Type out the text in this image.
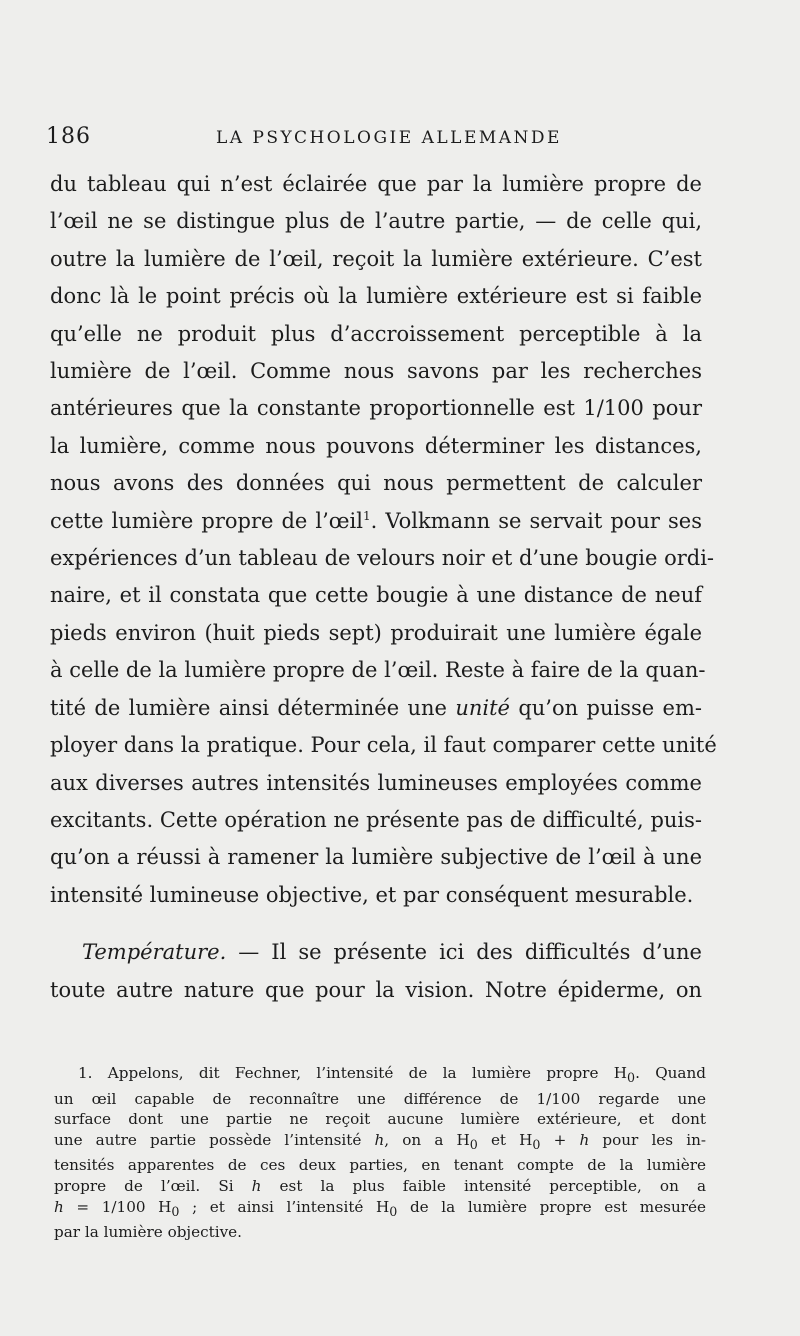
186	LA PSYCHOLOGIE ALLEMANDE

du tableau qui n’est éclairée que par la lumière propre de
l’œil ne se distingue plus de l’autre partie, — de celle qui,
outre la lumière de l’œil, reçoit la lumière extérieure. C’est
donc là le point précis où la lumière extérieure est si faible
qu’elle ne produit plus d’accroissement perceptible à la
lumière de l’œil. Comme nous savons par les recherches
antérieures que la constante proportionnelle est 1/100 pour
la lumière, comme nous pouvons déterminer les distances,
nous avons des données qui nous permettent de calculer
cette lumière propre de l’œil$^1$. Volkmann se servait pour ses
expériences d’un tableau de velours noir et d’une bougie ordi-
naire, et il constata que cette bougie à une distance de neuf
pieds environ (huit pieds sept) produirait une lumière égale
à celle de la lumière propre de l’œil. Reste à faire de la quan-
tité de lumière ainsi déterminée une unité qu’on puisse em-
ployer dans la pratique. Pour cela, il faut comparer cette unité
aux diverses autres intensités lumineuses employées comme
excitants. Cette opération ne présente pas de difficulté, puis-
qu’on a réussi à ramener la lumière subjective de l’œil à une
intensité lumineuse objective, et par conséquent mesurable.

Température. — Il se présente ici des difficultés d’une
toute autre nature que pour la vision. Notre épiderme, on

1. Appelons, dit Fechner, l’intensité de la lumière propre $H_0$. Quand
un œil capable de reconnaître une différence de 1/100 regarde une
surface dont une partie ne reçoit aucune lumière extérieure, et dont
une autre partie possède l’intensité h, on a $H_0$ et $H_0 + h$ pour les in-
tensités apparentes de ces deux parties, en tenant compte de la lumière
propre de l’œil. Si h est la plus faible intensité perceptible, on a
h = 1/100 $H_0$ ; et ainsi l’intensité $H_0$ de la lumière propre est mesurée
par la lumière objective.
